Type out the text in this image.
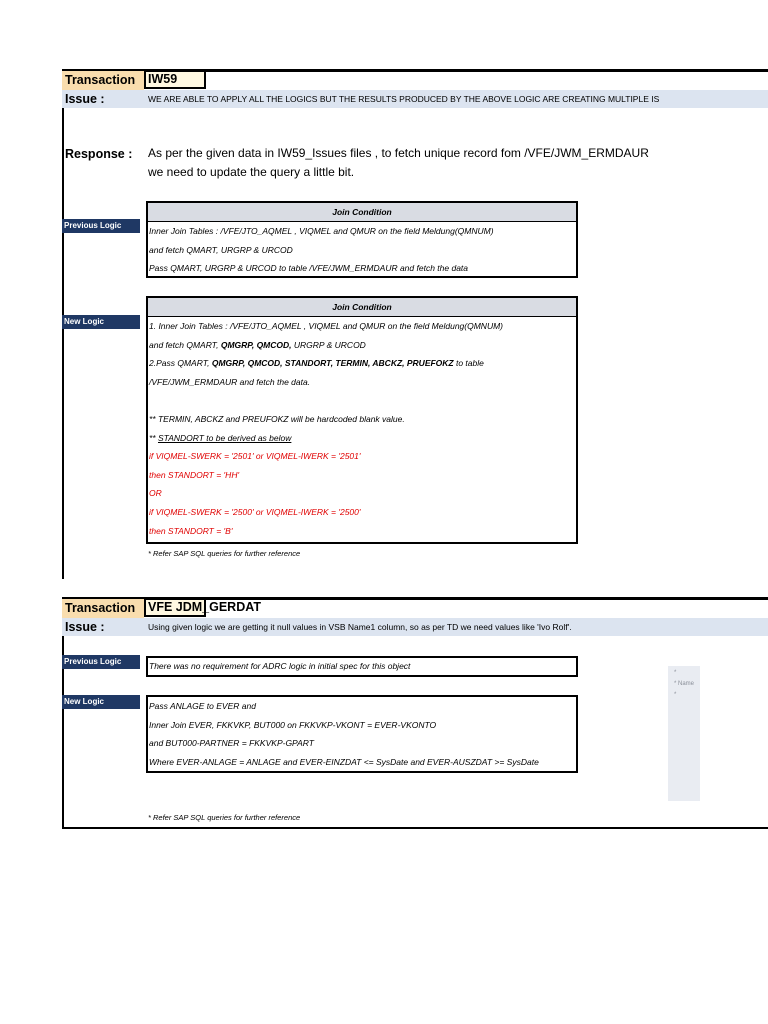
Transaction	IW59
Issue :	WE ARE ABLE TO APPLY ALL THE LOGICS BUT THE RESULTS PRODUCED BY THE ABOVE LOGIC ARE CREATING MULTIPLE IS
Response : As per the given data in IW59_Issues files , to fetch unique record fom /VFE/JWM_ERMDAUR
we need to update the query a little bit.
Previous Logic
Join Condition
Inner Join Tables : /VFE/JTO_AQMEL , VIQMEL and QMUR on the field Meldung(QMNUM)
and fetch QMART, URGRP & URCOD
Pass QMART, URGRP & URCOD to table /VFE/JWM_ERMDAUR and fetch the data
New Logic
Join Condition
1. Inner Join Tables : /VFE/JTO_AQMEL , VIQMEL and QMUR on the field Meldung(QMNUM)
and fetch QMART, QMGRP, QMCOD, URGRP & URCOD
2.Pass QMART, QMGRP, QMCOD, STANDORT, TERMIN, ABCKZ, PRUEFOKZ to table
/VFE/JWM_ERMDAUR and fetch the data.

** TERMIN, ABCKZ and PREUFOKZ will be hardcoded blank value.
** STANDORT to be derived as below
if VIQMEL-SWERK = '2501' or VIQMEL-IWERK = '2501'
then STANDORT = 'HH'
OR
if VIQMEL-SWERK = '2500' or VIQMEL-IWERK = '2500'
then STANDORT = 'B'
* Refer SAP SQL queries for further reference
Transaction	VFE JDM_GERDAT
Issue :	Using given logic we are getting it null values in VSB Name1 column, so as per TD we need values like 'Ivo Rolf'.
Previous Logic	There was no requirement for ADRC logic in initial spec for this object
New Logic	Pass ANLAGE to EVER and
Inner Join EVER, FKKVKP, BUT000 on FKKVKP-VKONT = EVER-VKONTO
and BUT000-PARTNER = FKKVKP-GPART
Where EVER-ANLAGE = ANLAGE and EVER-EINZDAT <= SysDate and EVER-AUSZDAT >= SysDate
* Refer SAP SQL queries for further reference
*
* Name
*
